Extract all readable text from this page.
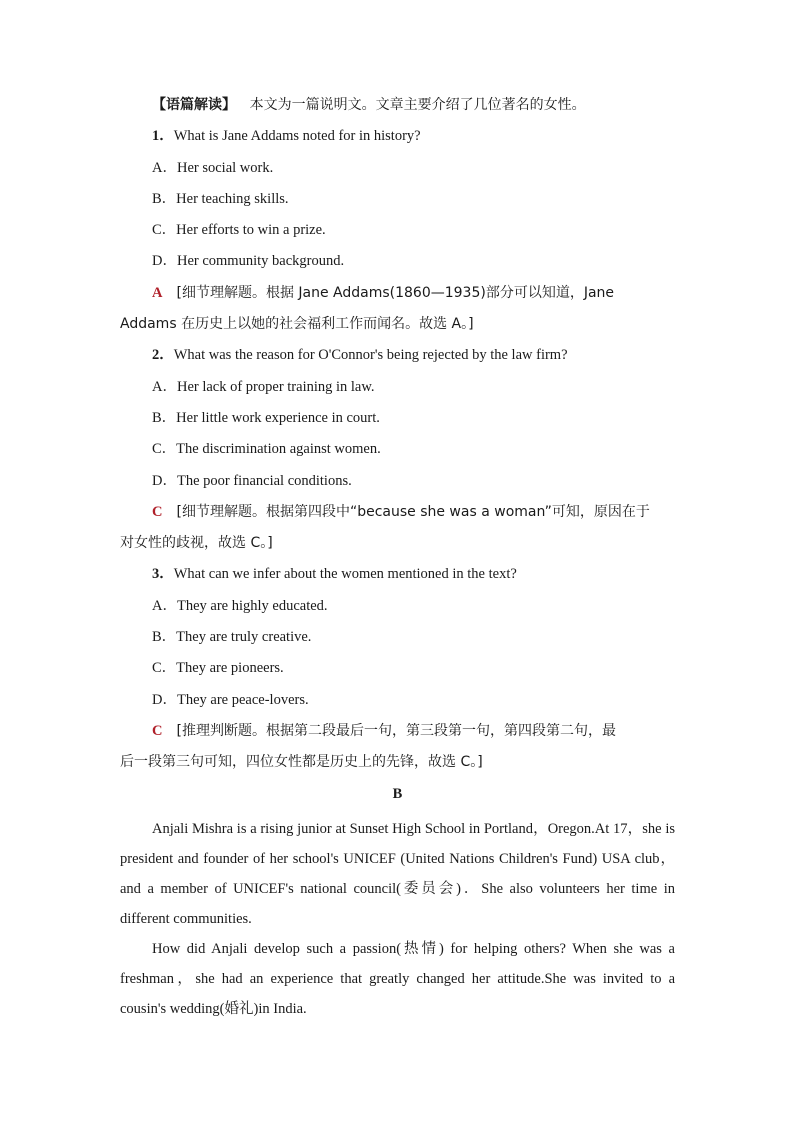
【语篇解读】 本文为一篇说明文。文章主要介绍了几位著名的女性。
1．What is Jane Addams noted for in history?
A．Her social work.
B．Her teaching skills.
C．Her efforts to win a prize.
D．Her community background.
A [细节理解题。根据 Jane Addams(1860—1935)部分可以知道，Jane
Addams 在历史上以她的社会福利工作而闻名。故选 A。]
2．What was the reason for O'Connor's being rejected by the law firm?
A．Her lack of proper training in law.
B．Her little work experience in court.
C．The discrimination against women.
D．The poor financial conditions.
C [细节理解题。根据第四段中“because she was a woman”可知，原因在于
对女性的歧视，故选 C。]
3．What can we infer about the women mentioned in the text?
A．They are highly educated.
B．They are truly creative.
C．They are pioneers.
D．They are peace-lovers.
C [推理判断题。根据第二段最后一句，第三段第一句，第四段第二句，最
后一段第三句可知，四位女性都是历史上的先锋，故选 C。]
B
Anjali Mishra is a rising junior at Sunset High School in Portland，Oregon.At 17，she is president and founder of her school's UNICEF (United Nations Children's Fund) USA club，and a member of UNICEF's national council(委员会)．She also volunteers her time in different communities.
How did Anjali develop such a passion(热情) for helping others? When she was a freshman，she had an experience that greatly changed her attitude.She was invited to a cousin's wedding(婚礼)in India.
